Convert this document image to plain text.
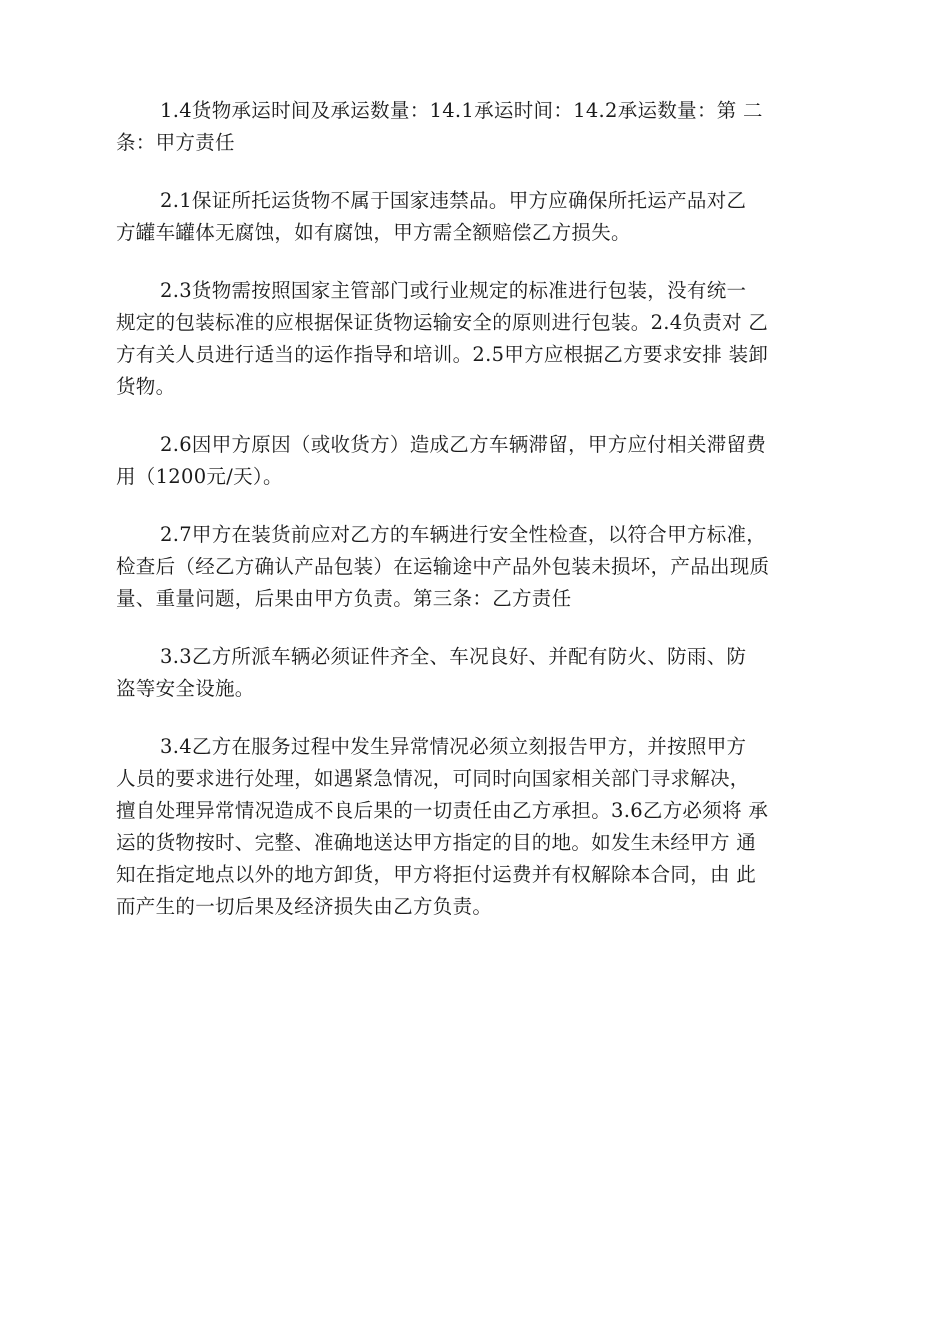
1.4货物承运时间及承运数量：14.1承运时间：14.2承运数量：第 二
条：甲方责任

2.1保证所托运货物不属于国家违禁品。甲方应确保所托运产品对乙
方罐车罐体无腐蚀，如有腐蚀，甲方需全额赔偿乙方损失。

2.3货物需按照国家主管部门或行业规定的标准进行包装，没有统一
规定的包装标准的应根据保证货物运输安全的原则进行包装。2.4负责对 乙
方有关人员进行适当的运作指导和培训。2.5甲方应根据乙方要求安排 装卸
货物。

2.6因甲方原因（或收货方）造成乙方车辆滞留，甲方应付相关滞留费
用（1200元/天）。

2.7甲方在装货前应对乙方的车辆进行安全性检查，以符合甲方标准，
检查后（经乙方确认产品包装）在运输途中产品外包装未损坏，产品出现质
量、重量问题，后果由甲方负责。第三条：乙方责任

3.3乙方所派车辆必须证件齐全、车况良好、并配有防火、防雨、防
盗等安全设施。

3.4乙方在服务过程中发生异常情况必须立刻报告甲方，并按照甲方
人员的要求进行处理，如遇紧急情况，可同时向国家相关部门寻求解决，
擅自处理异常情况造成不良后果的一切责任由乙方承担。3.6乙方必须将 承
运的货物按时、完整、准确地送达甲方指定的目的地。如发生未经甲方 通
知在指定地点以外的地方卸货，甲方将拒付运费并有权解除本合同，由 此
而产生的一切后果及经济损失由乙方负责。
